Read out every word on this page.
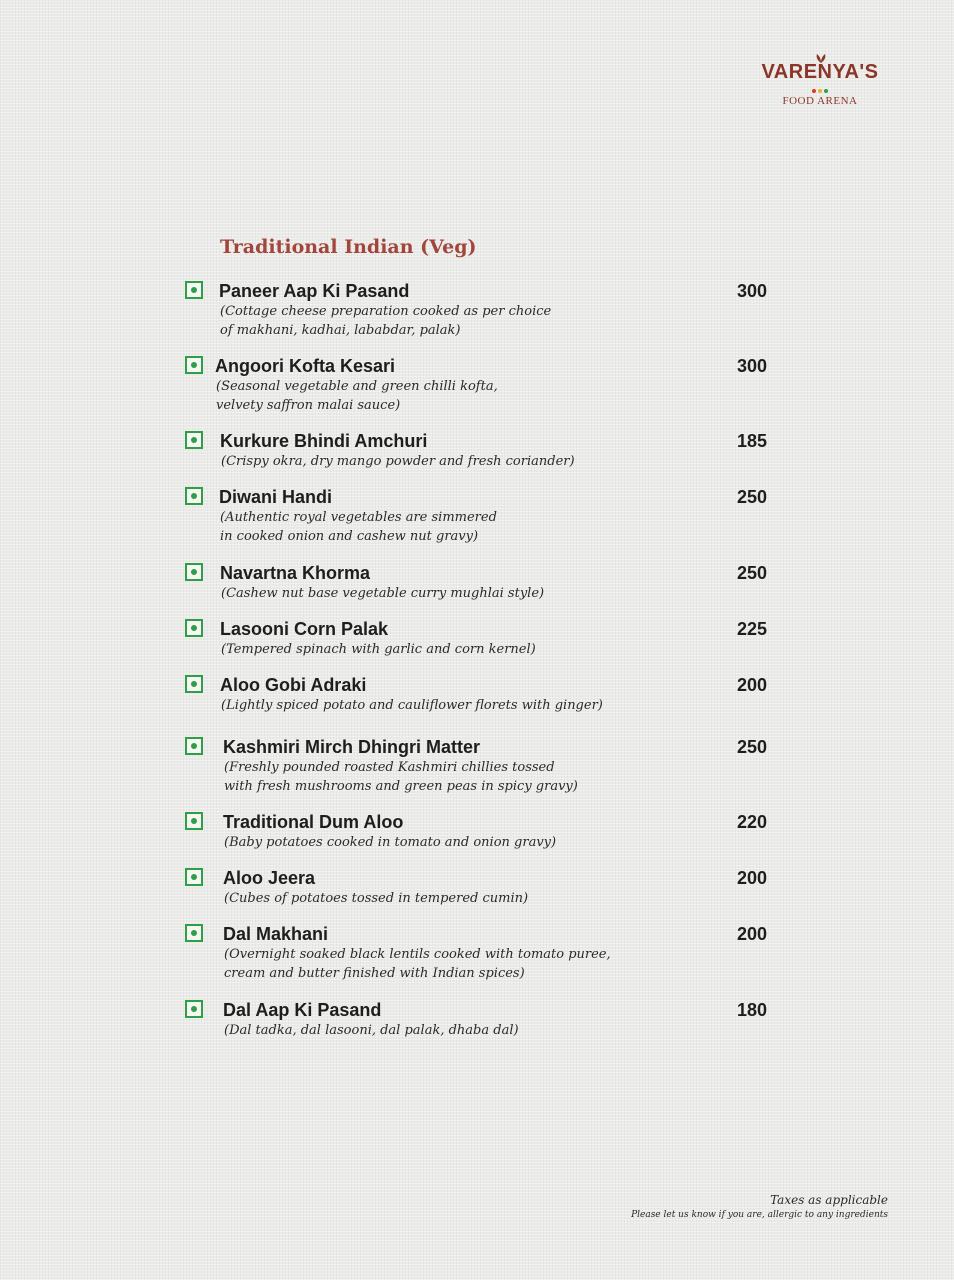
VARENYA'S
FOOD ARENA
Traditional Indian (Veg)
Paneer Aap Ki Pasand
(Cottage cheese preparation cooked as per choice
of makhani, kadhai, lababdar, palak)
300
Angoori Kofta Kesari
(Seasonal vegetable and green chilli kofta,
velvety saffron malai sauce)
300
Kurkure Bhindi Amchuri
(Crispy okra, dry mango powder and fresh coriander)
185
Diwani Handi
(Authentic royal vegetables are simmered
in cooked onion and cashew nut gravy)
250
Navartna Khorma
(Cashew nut base vegetable curry mughlai style)
250
Lasooni Corn Palak
(Tempered spinach with garlic and corn kernel)
225
Aloo Gobi Adraki
(Lightly spiced potato and cauliflower florets with ginger)
200
Kashmiri Mirch Dhingri Matter
(Freshly pounded roasted Kashmiri chillies tossed
with fresh mushrooms and green peas in spicy gravy)
250
Traditional Dum Aloo
(Baby potatoes cooked in tomato and onion gravy)
220
Aloo Jeera
(Cubes of potatoes tossed in tempered cumin)
200
Dal Makhani
(Overnight soaked black lentils cooked with tomato puree,
cream and butter finished with Indian spices)
200
Dal Aap Ki Pasand
(Dal tadka, dal lasooni, dal palak, dhaba dal)
180
Taxes as applicable
Please let us know if you are, allergic to any ingredients
